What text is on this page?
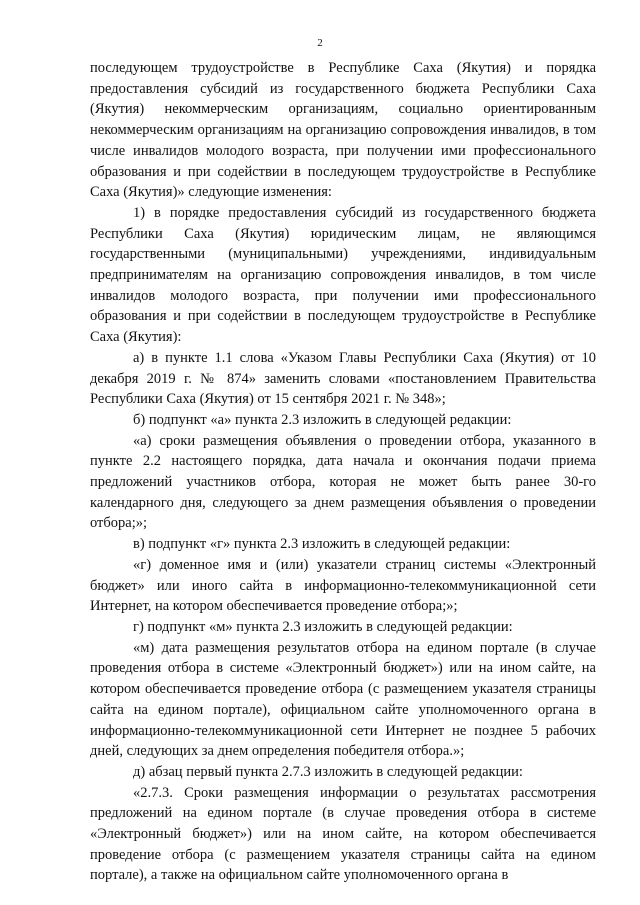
2

последующем трудоустройстве в Республике Саха (Якутия) и порядка предоставления субсидий из государственного бюджета Республики Саха (Якутия) некоммерческим организациям, социально ориентированным некоммерческим организациям на организацию сопровождения инвалидов, в том числе инвалидов молодого возраста, при получении ими профессионального образования и при содействии в последующем трудоустройстве в Республике Саха (Якутия)» следующие изменения:

1) в порядке предоставления субсидий из государственного бюджета Республики Саха (Якутия) юридическим лицам, не являющимся государственными (муниципальными) учреждениями, индивидуальным предпринимателям на организацию сопровождения инвалидов, в том числе инвалидов молодого возраста, при получении ими профессионального образования и при содействии в последующем трудоустройстве в Республике Саха (Якутия):

а) в пункте 1.1 слова «Указом Главы Республики Саха (Якутия) от 10 декабря 2019 г. № 874» заменить словами «постановлением Правительства Республики Саха (Якутия) от 15 сентября 2021 г. № 348»;

б) подпункт «а» пункта 2.3 изложить в следующей редакции:

«а) сроки размещения объявления о проведении отбора, указанного в пункте 2.2 настоящего порядка, дата начала и окончания подачи приема предложений участников отбора, которая не может быть ранее 30-го календарного дня, следующего за днем размещения объявления о проведении отбора;»;

в) подпункт «г» пункта 2.3 изложить в следующей редакции:

«г) доменное имя и (или) указатели страниц системы «Электронный бюджет» или иного сайта в информационно-телекоммуникационной сети Интернет, на котором обеспечивается проведение отбора;»;

г) подпункт «м» пункта 2.3 изложить в следующей редакции:

«м) дата размещения результатов отбора на едином портале (в случае проведения отбора в системе «Электронный бюджет») или на ином сайте, на котором обеспечивается проведение отбора (с размещением указателя страницы сайта на едином портале), официальном сайте уполномоченного органа в информационно-телекоммуникационной сети Интернет не позднее 5 рабочих дней, следующих за днем определения победителя отбора.»;

д) абзац первый пункта 2.7.3 изложить в следующей редакции:

«2.7.3. Сроки размещения информации о результатах рассмотрения предложений на едином портале (в случае проведения отбора в системе «Электронный бюджет») или на ином сайте, на котором обеспечивается проведение отбора (с размещением указателя страницы сайта на едином портале), а также на официальном сайте уполномоченного органа в
